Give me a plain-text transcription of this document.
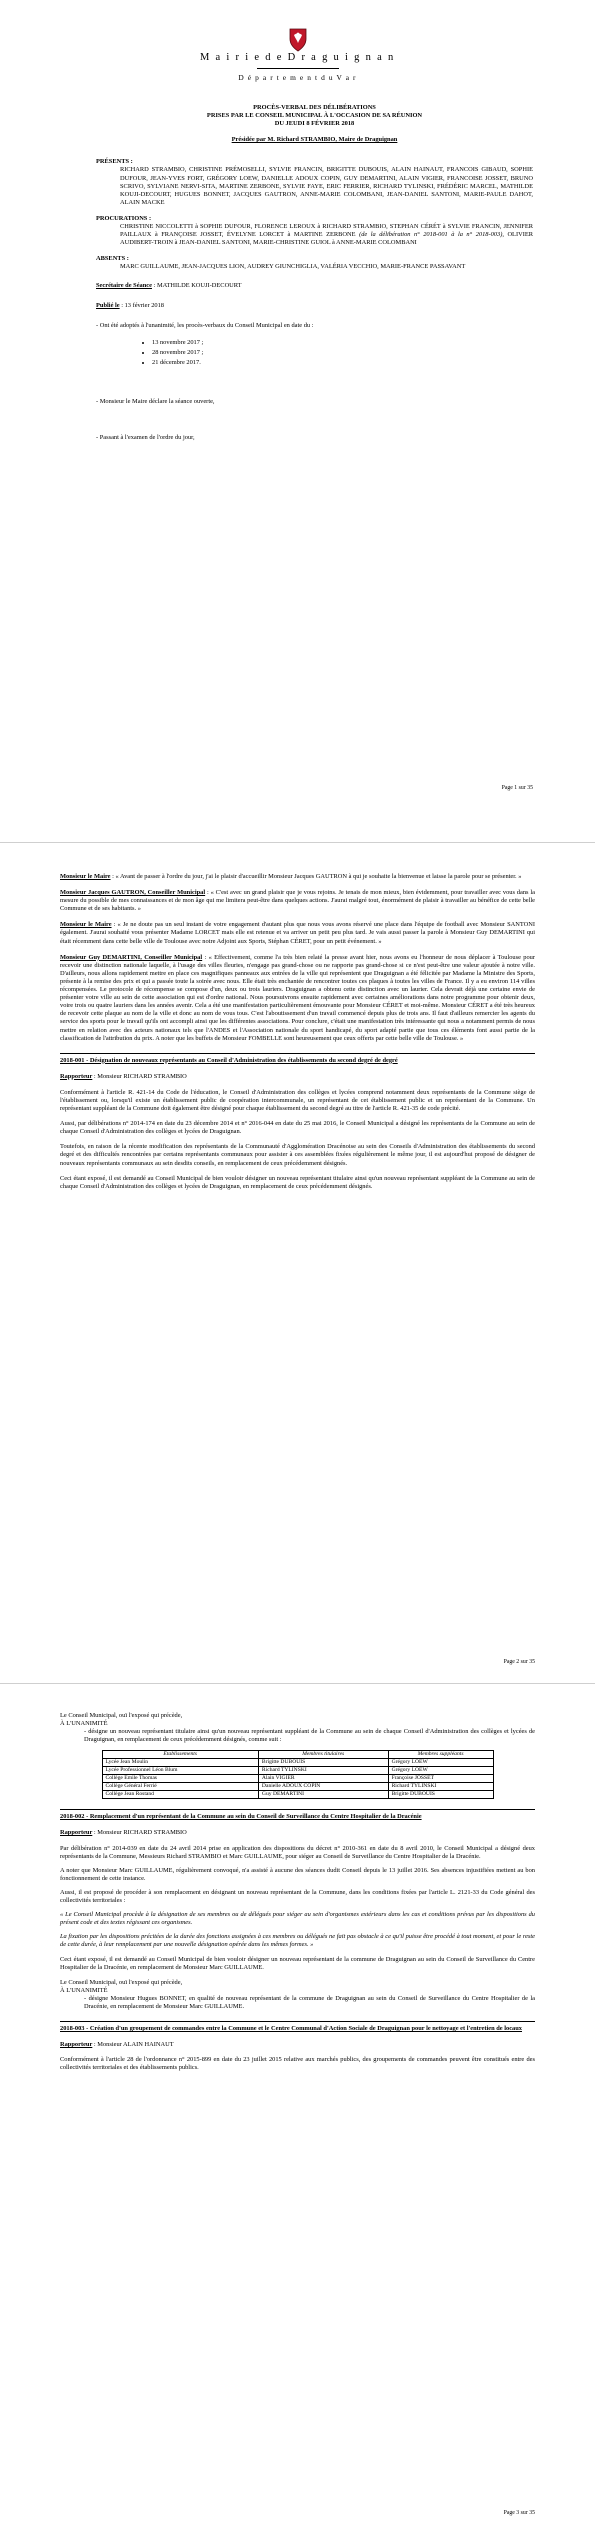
M a i r i e d e D r a g u i g n a n
D é p a r t e m e n t d u V a r
PROCÈS-VERBAL DES DÉLIBÉRATIONS
PRISES PAR LE CONSEIL MUNICIPAL À L'OCCASION DE SA RÉUNION
DU JEUDI 8 FÉVRIER 2018
Présidée par M. Richard STRAMBIO, Maire de Draguignan
PRÉSENTS :
RICHARD STRAMBIO, CHRISTINE PRÉMOSELLI, SYLVIE FRANCIN, BRIGITTE DUBOUIS, ALAIN HAINAUT, FRANCOIS GIBAUD, SOPHIE DUFOUR, JEAN-YVES FORT, GRÉGORY LOEW, DANIELLE ADOUX COPIN, GUY DEMARTINI, ALAIN VIGIER, FRANCOISE JOSSET, BRUNO SCRIVO, SYLVIANE NERVI-SITA, MARTINE ZERBONE, SYLVIE FAYE, ERIC FERRIER, RICHARD TYLINSKI, FRÉDÉRIC MARCEL, MATHILDE KOUJI-DECOURT, HUGUES BONNET, JACQUES GAUTRON, ANNE-MARIE COLOMBANI, JEAN-DANIEL SANTONI, MARIE-PAULE DAHOT, ALAIN MACKE
PROCURATIONS :
CHRISTINE NICCOLETTI à SOPHIE DUFOUR, FLORENCE LEROUX à RICHARD STRAMBIO, STEPHAN CÉRÉT à SYLVIE FRANCIN, JENNIFER PAILLAUX à FRANÇOISE JOSSET, ÉVELYNE LORCET à MARTINE ZERBONE (de la délibération n° 2018-001 à la n° 2018-003), OLIVIER AUDIBERT-TROIN à JEAN-DANIEL SANTONI, MARIE-CHRISTINE GUIOL à ANNE-MARIE COLOMBANI
ABSENTS :
MARC GUILLAUME, JEAN-JACQUES LION, AUDREY GIUNCHIGLIA, VALÉRIA VECCHIO, MARIE-FRANCE PASSAVANT
Secrétaire de Séance : MATHILDE KOUJI-DECOURT
Publié le : 13 février 2018
- Ont été adoptés à l'unanimité, les procès-verbaux du Conseil Municipal en date du :
• 13 novembre 2017 ;
• 28 novembre 2017 ;
• 21 décembre 2017.
- Monsieur le Maire déclare la séance ouverte,
- Passant à l'examen de l'ordre du jour,
Page 1 sur 35
Monsieur le Maire : « Avant de passer à l'ordre du jour, j'ai le plaisir d'accueillir Monsieur Jacques GAUTRON à qui je souhaite la bienvenue et laisse la parole pour se présenter. »
Monsieur Jacques GAUTRON, Conseiller Municipal : « C'est avec un grand plaisir que je vous rejoins. Je tenais de mon mieux, bien évidemment, pour travailler avec vous dans la mesure du possible de mes connaissances et de mon âge qui me limitera peut-être dans quelques actions. J'aurai malgré tout, énormément de plaisir à travailler au bénéfice de cette belle Commune et de ses habitants. »
Monsieur le Maire : « Je ne doute pas un seul instant de votre engagement d'autant plus que nous vous avons réservé une place dans l'équipe de football avec Monsieur SANTONI également. J'aurai souhaité vous présenter Madame LORCET mais elle est retenue et va arriver un petit peu plus tard. Je vais aussi passer la parole à Monsieur Guy DEMARTINI qui était récemment dans cette belle ville de Toulouse avec notre Adjoint aux Sports, Stéphan CÉRET, pour un petit événement. »
Monsieur Guy DEMARTINI, Conseiller Municipal : « Effectivement, comme l'a très bien relaté la presse avant hier, nous avons eu l'honneur de nous déplacer à Toulouse pour recevoir une distinction nationale laquelle, à l'usage des villes fleuries, n'engage pas grand-chose ou ne rapporte pas grand-chose si ce n'est peut-être une valeur ajoutée à notre ville. D'ailleurs, nous allons rapidement mettre en place ces magnifiques panneaux aux entrées de la ville qui représentent que Draguignan a été félicitée par Madame la Ministre des Sports, présente à la remise des prix et qui a passée toute la soirée avec nous. Elle était très enchantée de rencontrer toutes ces plaques à toutes les villes de France. Il y a eu environ 114 villes récompensées. Le protocole de récompense se compose d'un, deux ou trois lauriers. Draguignan a obtenu cette distinction avec un laurier. Cela devrait déjà une certaine envie de présenter votre ville au sein de cette association qui est d'ordre national. Nous poursuivrons ensuite rapidement avec certaines améliorations dans notre programme pour obtenir deux, voire trois ou quatre lauriers dans les années avenir. Cela a été une manifestation particulièrement émouvante pour Monsieur CÉRET et moi-même. Monsieur CÉRET a été très heureux de recevoir cette plaque au nom de la ville et donc au nom de vous tous. C'est l'aboutissement d'un travail commencé depuis plus de trois ans. Il faut d'ailleurs remercier les agents du service des sports pour le travail qu'ils ont accompli ainsi que les différentes associations. Pour conclure, c'était une manifestation très intéressante qui nous a notamment permis de nous mettre en relation avec des acteurs nationaux tels que l'ANDES et l'Association nationale du sport handicapé, du sport adapté partie que tous ces éléments font aussi partie de la classification de l'attribution du prix. A noter que les buffets de Monsieur FOMBELLE sont heureusement que ceux offerts par cette belle ville de Toulouse. »
2018-001 - Désignation de nouveaux représentants au Conseil d'Administration des établissements du second degré de degré
Rapporteur : Monsieur RICHARD STRAMBIO
Conformément à l'article R. 421-14 du Code de l'éducation, le Conseil d'Administration des collèges et lycées comprend notamment deux représentants de la Commune siège de l'établissement ou, lorsqu'il existe un établissement public de coopération intercommunale, un représentant de cet établissement public et un représentant de la Commune. Un représentant suppléant de la Commune doit également être désigné pour chaque établissement du second degré au titre de l'article R. 421-35 de code précité.
Aussi, par délibérations n° 2014-174 en date du 23 décembre 2014 et n° 2016-044 en date du 25 mai 2016, le Conseil Municipal a désigné les représentants de la Commune au sein de chaque Conseil d'Administration des collèges et lycées de Draguignan.
Toutefois, en raison de la récente modification des représentants de la Communauté d'Agglomération Dracénoise au sein des Conseils d'Administration des établissements du second degré et des difficultés rencontrées par certains représentants communaux pour assister à ces assemblées fixées régulièrement le même jour, il est aujourd'hui proposé de désigner de nouveaux représentants communaux au sein desdits conseils, en remplacement de ceux précédemment désignés.
Ceci étant exposé, il est demandé au Conseil Municipal de bien vouloir désigner un nouveau représentant titulaire ainsi qu'un nouveau représentant suppléant de la Commune au sein de chaque Conseil d'Administration des collèges et lycées de Draguignan, en remplacement de ceux précédemment désignés.
Page 2 sur 35
Le Conseil Municipal, ouï l'exposé qui précède,
À L'UNANIMITÉ
- désigne un nouveau représentant titulaire ainsi qu'un nouveau représentant suppléant de la Commune au sein de chaque Conseil d'Administration des collèges et lycées de Draguignan, en remplacement de ceux précédemment désignés, comme suit :
Établissements	Membres titulaires	Membres suppléants
Lycée Jean Moulin	Brigitte DUBOUIS	Grégory LOEW
Lycée Professionnel Léon Blum	Richard TYLINSKI	Grégory LOEW
Collège Emile Thomas	Alain VIGIER	Françoise JOSSET
Collège Général Ferrié	Danielle ADOUX COPIN	Richard TYLINSKI
Collège Jean Rostand	Guy DEMARTINI	Brigitte DUBOUIS
2018-002 - Remplacement d'un représentant de la Commune au sein du Conseil de Surveillance du Centre Hospitalier de la Dracénie
Rapporteur : Monsieur RICHARD STRAMBIO
Par délibération n° 2014-039 en date du 24 avril 2014 prise en application des dispositions du décret n° 2010-361 en date du 8 avril 2010, le Conseil Municipal a désigné deux représentants de la Commune, Messieurs Richard STRAMBIO et Marc GUILLAUME, pour siéger au Conseil de Surveillance du Centre Hospitalier de la Dracénie.
A noter que Monsieur Marc GUILLAUME, régulièrement convoqué, n'a assisté à aucune des séances dudit Conseil depuis le 13 juillet 2016. Ses absences injustifiées mettent au bon fonctionnement de cette instance.
Aussi, il est proposé de procéder à son remplacement en désignant un nouveau représentant de la Commune, dans les conditions fixées par l'article L. 2121-33 du Code général des collectivités territoriales :
« Le Conseil Municipal procède à la désignation de ses membres ou de délégués pour siéger au sein d'organismes extérieurs dans les cas et conditions prévus par les dispositions du présent code et des textes régissant ces organismes.
La fixation par les dispositions précitées de la durée des fonctions assignées à ces membres ou délégués ne fait pas obstacle à ce qu'il puisse être procédé à tout moment, et pour le reste de cette durée, à leur remplacement par une nouvelle désignation opérée dans les mêmes formes. »
Ceci étant exposé, il est demandé au Conseil Municipal de bien vouloir désigner un nouveau représentant de la commune de Draguignan au sein du Conseil de Surveillance du Centre Hospitalier de la Dracénie, en remplacement de Monsieur Marc GUILLAUME.
Le Conseil Municipal, ouï l'exposé qui précède,
À L'UNANIMITÉ
- désigne Monsieur Hugues BONNET, en qualité de nouveau représentant de la commune de Draguignan au sein du Conseil de Surveillance du Centre Hospitalier de la Dracénie, en remplacement de Monsieur Marc GUILLAUME.
2018-003 - Création d'un groupement de commandes entre la Commune et le Centre Communal d'Action Sociale de Draguignan pour le nettoyage et l'entretien de locaux
Rapporteur : Monsieur ALAIN HAINAUT
Conformément à l'article 28 de l'ordonnance n° 2015-899 en date du 23 juillet 2015 relative aux marchés publics, des groupements de commandes peuvent être constitués entre des collectivités territoriales et des établissements publics.
Page 3 sur 35
